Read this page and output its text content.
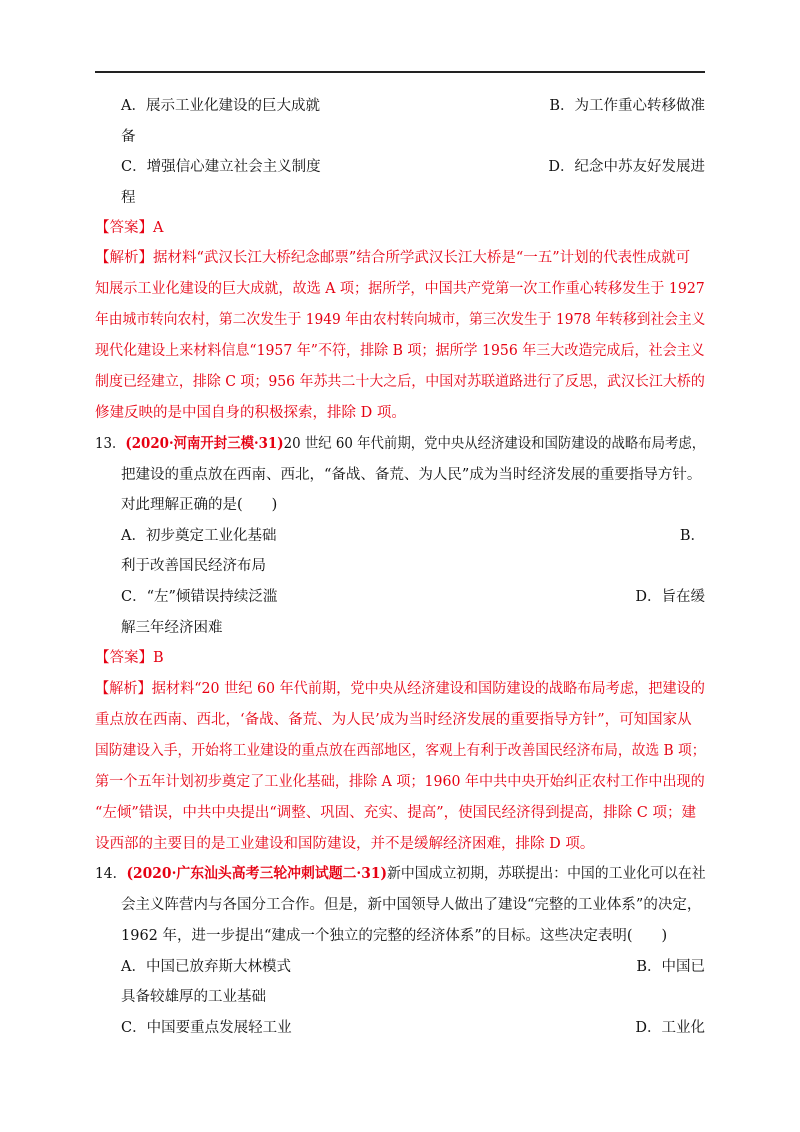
A．展示工业化建设的巨大成就	B．为工作重心转移做准
备
C．增强信心建立社会主义制度	D．纪念中苏友好发展进
程
【答案】A
【解析】据材料“武汉长江大桥纪念邮票”结合所学武汉长江大桥是“一五”计划的代表性成就可
知展示工业化建设的巨大成就，故选 A 项；据所学，中国共产党第一次工作重心转移发生于 1927
年由城市转向农村，第二次发生于 1949 年由农村转向城市，第三次发生于 1978 年转移到社会主义
现代化建设上来材料信息“1957 年”不符，排除 B 项；据所学 1956 年三大改造完成后，社会主义
制度已经建立，排除 C 项；956 年苏共二十大之后，中国对苏联道路进行了反思，武汉长江大桥的
修建反映的是中国自身的积极探索，排除 D 项。
13．(2020·河南开封三模·31)20 世纪 60 年代前期，党中央从经济建设和国防建设的战略布局考虑，
把建设的重点放在西南、西北，“备战、备荒、为人民”成为当时经济发展的重要指导方针。
对此理解正确的是(　　)
A．初步奠定工业化基础	B．
利于改善国民经济布局
C．“左”倾错误持续泛滥	D．旨在缓
解三年经济困难
【答案】B
【解析】据材料“20 世纪 60 年代前期，党中央从经济建设和国防建设的战略布局考虑，把建设的
重点放在西南、西北，‘备战、备荒、为人民’成为当时经济发展的重要指导方针”，可知国家从
国防建设入手，开始将工业建设的重点放在西部地区，客观上有利于改善国民经济布局，故选 B 项；
第一个五年计划初步奠定了工业化基础，排除 A 项；1960 年中共中央开始纠正农村工作中出现的
“左倾”错误，中共中央提出“调整、巩固、充实、提高”，使国民经济得到提高，排除 C 项；建
设西部的主要目的是工业建设和国防建设，并不是缓解经济困难，排除 D 项。
14．(2020·广东汕头高考三轮冲刺试题二·31)新中国成立初期，苏联提出：中国的工业化可以在社
会主义阵营内与各国分工合作。但是，新中国领导人做出了建设“完整的工业体系”的决定，
1962 年，进一步提出“建成一个独立的完整的经济体系”的目标。这些决定表明(　　)
A．中国已放弃斯大林模式	B．中国已
具备较雄厚的工业基础
C．中国要重点发展轻工业	D．工业化
